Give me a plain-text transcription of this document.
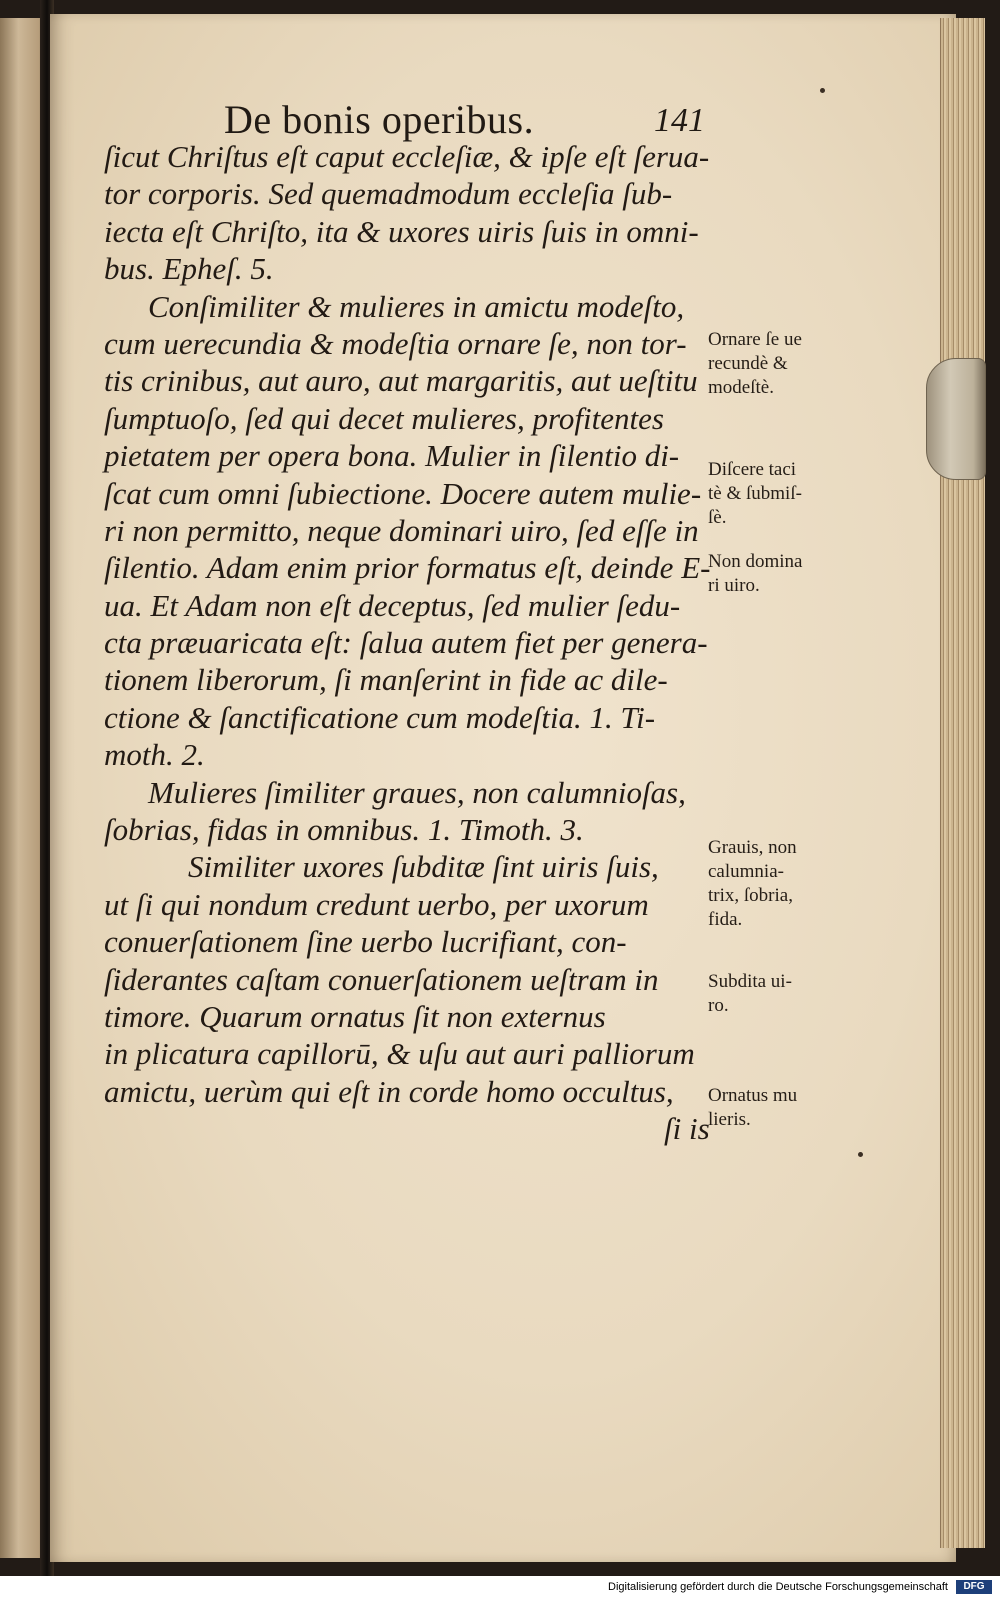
De bonis operibus.	141
ſicut Chriſtus eſt caput eccleſiæ, & ipſe eſt ſerua-
tor corporis. Sed quemadmodum eccleſia ſub-
iecta eſt Chriſto, ita & uxores uiris ſuis in omni-
bus. Epheſ. 5.
Conſimiliter & mulieres in amictu modeſto,
cum uerecundia & modeſtia ornare ſe, non tor-
tis crinibus, aut auro, aut margaritis, aut ueſtitu
ſumptuoſo, ſed qui decet mulieres, profitentes
pietatem per opera bona. Mulier in ſilentio di-
ſcat cum omni ſubiectione. Docere autem mulie-
ri non permitto, neque dominari uiro, ſed eſſe in
ſilentio. Adam enim prior formatus eſt, deinde E-
ua. Et Adam non eſt deceptus, ſed mulier ſedu-
cta præuaricata eſt: ſalua autem fiet per genera-
tionem liberorum, ſi manſerint in fide ac dile-
ctione & ſanctificatione cum modeſtia. 1. Ti-
moth. 2.
Mulieres ſimiliter graues, non calumnioſas,
ſobrias, fidas in omnibus. 1. Timoth. 3.
Similiter uxores ſubditæ ſint uiris ſuis,
ut ſi qui nondum credunt uerbo, per uxorum
conuerſationem ſine uerbo lucrifiant, con-
ſiderantes caſtam conuerſationem ueſtram in
timore. Quarum ornatus ſit non externus
in plicatura capillorū, & uſu aut auri palliorum
amictu, uerùm qui eſt in corde homo occultus,
ſi is
Ornare ſe ue
recundè &
modeſtè.
Diſcere taci
tè & ſubmiſ-
ſè.
Non domina
ri uiro.
Grauis, non
calumnia-
trix, ſobria,
fida.
Subdita ui-
ro.
Ornatus mu
lieris.
Digitalisierung gefördert durch die Deutsche Forschungsgemeinschaft	DFG
